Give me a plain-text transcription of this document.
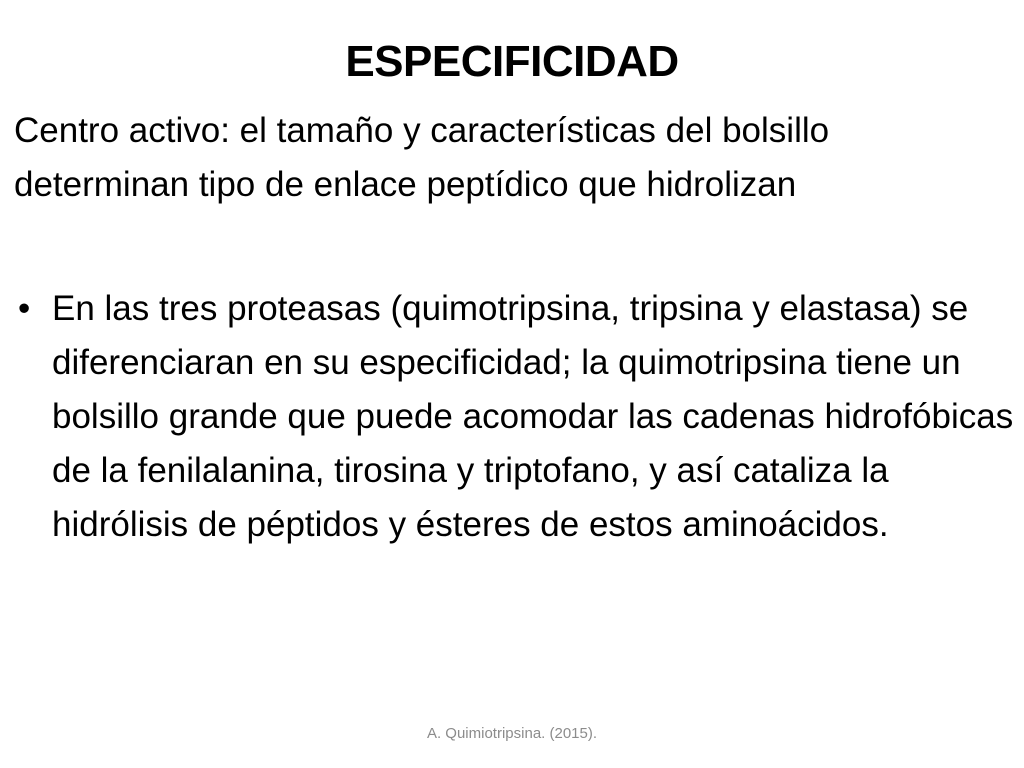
ESPECIFICIDAD

Centro activo: el tamaño y características del bolsillo determinan tipo de enlace peptídico que hidrolizan

• En las tres proteasas (quimotripsina, tripsina y elastasa) se diferenciaran en su especificidad; la quimotripsina tiene un bolsillo grande que puede acomodar las cadenas hidrofóbicas de la fenilalanina, tirosina y triptofano, y así cataliza la hidrólisis de péptidos y ésteres de estos aminoácidos.
A. Quimiotripsina. (2015).
